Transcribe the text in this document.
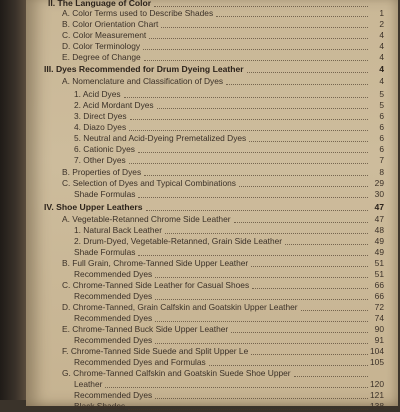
II. The Language of Color
A. Color Terms used to Describe Shades	1
B. Color Orientation Chart	2
C. Color Measurement	4
D. Color Terminology	4
E. Degree of Change	4
III. Dyes Recommended for Drum Dyeing Leather	4
A. Nomenclature and Classification of Dyes	4
1. Acid Dyes	5
2. Acid Mordant Dyes	5
3. Direct Dyes	6
4. Diazo Dyes	6
5. Neutral and Acid-Dyeing Premetalized Dyes	6
6. Cationic Dyes	6
7. Other Dyes	7
B. Properties of Dyes	8
C. Selection of Dyes and Typical Combinations	29
Shade Formulas	30
IV. Shoe Upper Leathers	47
A. Vegetable-Retanned Chrome Side Leather	47
1. Natural Back Leather	48
2. Drum-Dyed, Vegetable-Retanned, Grain Side Leather	49
Shade Formulas	49
B. Full Grain, Chrome-Tanned Side Upper Leather	51
Recommended Dyes	51
C. Chrome-Tanned Side Leather for Casual Shoes	66
Recommended Dyes	66
D. Chrome-Tanned, Grain Calfskin and Goatskin Upper Leather	72
Recommended Dyes	74
E. Chrome-Tanned Buck Side Upper Leather	90
Recommended Dyes	91
F. Chrome-Tanned Side Suede and Split Upper Le	104
Recommended Dyes and Formulas	105
G. Chrome-Tanned Calfskin and Goatskin Suede Shoe Upper
Leather	120
Recommended Dyes	121
Black Shades	138
